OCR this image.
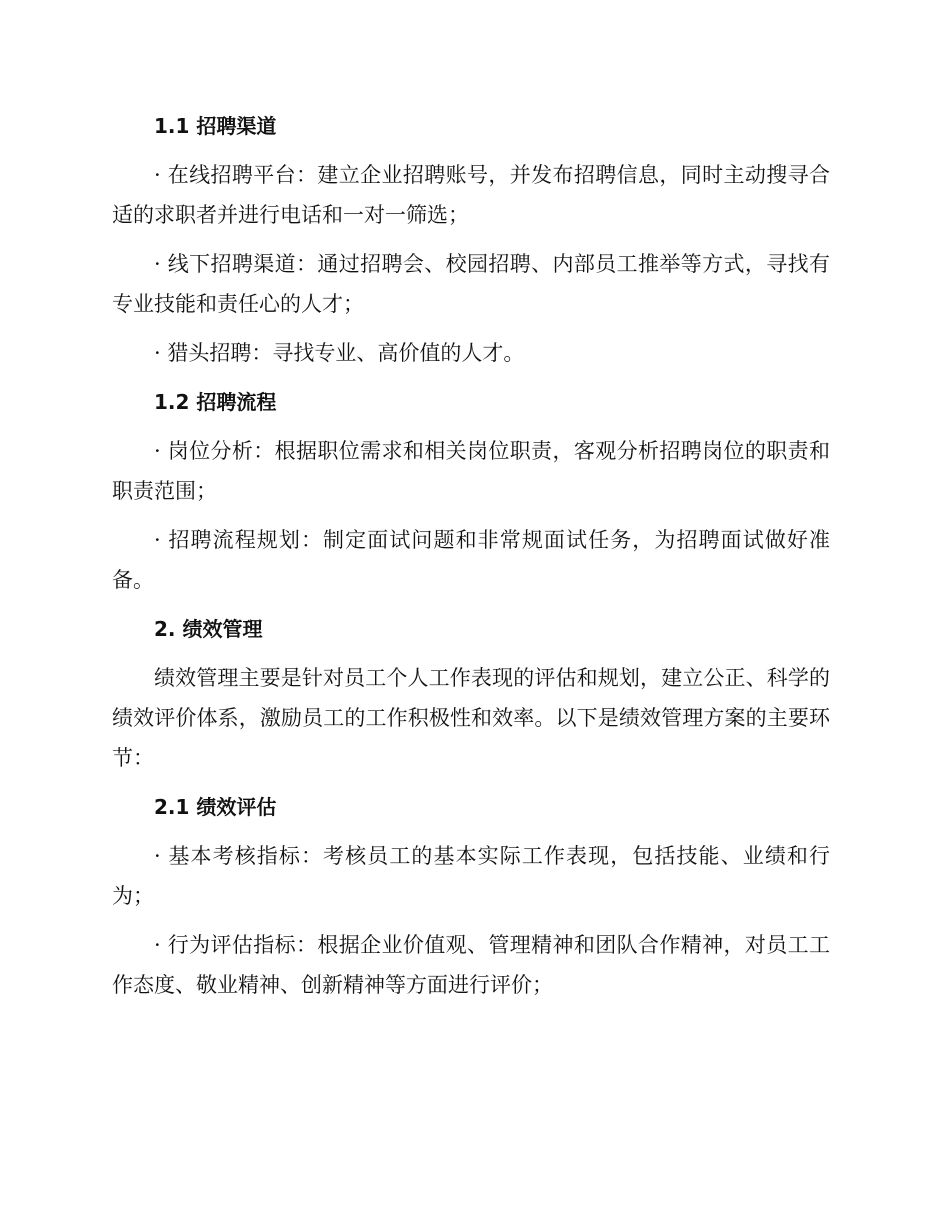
1.1 招聘渠道

· 在线招聘平台：建立企业招聘账号，并发布招聘信息，同时主动搜寻合适的求职者并进行电话和一对一筛选；

· 线下招聘渠道：通过招聘会、校园招聘、内部员工推举等方式，寻找有专业技能和责任心的人才；

· 猎头招聘：寻找专业、高价值的人才。

1.2 招聘流程

· 岗位分析：根据职位需求和相关岗位职责，客观分析招聘岗位的职责和职责范围；

· 招聘流程规划：制定面试问题和非常规面试任务，为招聘面试做好准备。

2. 绩效管理

绩效管理主要是针对员工个人工作表现的评估和规划，建立公正、科学的绩效评价体系，激励员工的工作积极性和效率。以下是绩效管理方案的主要环节：

2.1 绩效评估

· 基本考核指标：考核员工的基本实际工作表现，包括技能、业绩和行为；

· 行为评估指标：根据企业价值观、管理精神和团队合作精神，对员工工作态度、敬业精神、创新精神等方面进行评价；
